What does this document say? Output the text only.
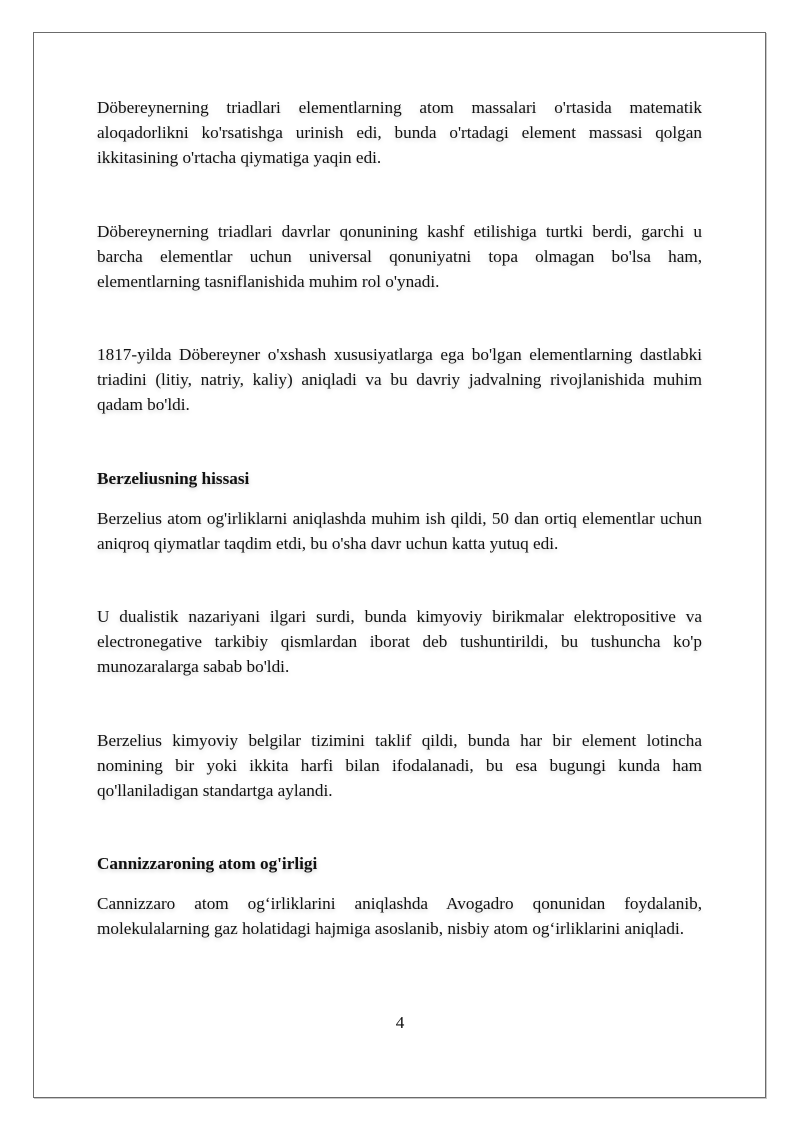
Döbereynerning triadlari elementlarning atom massalari o'rtasida matematik aloqadorlikni ko'rsatishga urinish edi, bunda o'rtadagi element massasi qolgan ikkitasining o'rtacha qiymatiga yaqin edi.

Döbereynerning triadlari davrlar qonunining kashf etilishiga turtki berdi, garchi u barcha elementlar uchun universal qonuniyatni topa olmagan bo'lsa ham, elementlarning tasniflanishida muhim rol o'ynadi.

1817-yilda Döbereyner o'xshash xususiyatlarga ega bo'lgan elementlarning dastlabki triadini (litiy, natriy, kaliy) aniqladi va bu davriy jadvalning rivojlanishida muhim qadam bo'ldi.

Berzeliusning hissasi

Berzelius atom og'irliklarni aniqlashda muhim ish qildi, 50 dan ortiq elementlar uchun aniqroq qiymatlar taqdim etdi, bu o'sha davr uchun katta yutuq edi.

U dualistik nazariyani ilgari surdi, bunda kimyoviy birikmalar elektropositive va electronegative tarkibiy qismlardan iborat deb tushuntirildi, bu tushuncha ko'p munozaralarga sabab bo'ldi.

Berzelius kimyoviy belgilar tizimini taklif qildi, bunda har bir element lotincha nomining bir yoki ikkita harfi bilan ifodalanadi, bu esa bugungi kunda ham qo'llaniladigan standartga aylandi.

Cannizzaroning atom og'irligi

Cannizzaro atom og‘irliklarini aniqlashda Avogadro qonunidan foydalanib, molekulalarning gaz holatidagi hajmiga asoslanib, nisbiy atom og‘irliklarini aniqladi.

4
